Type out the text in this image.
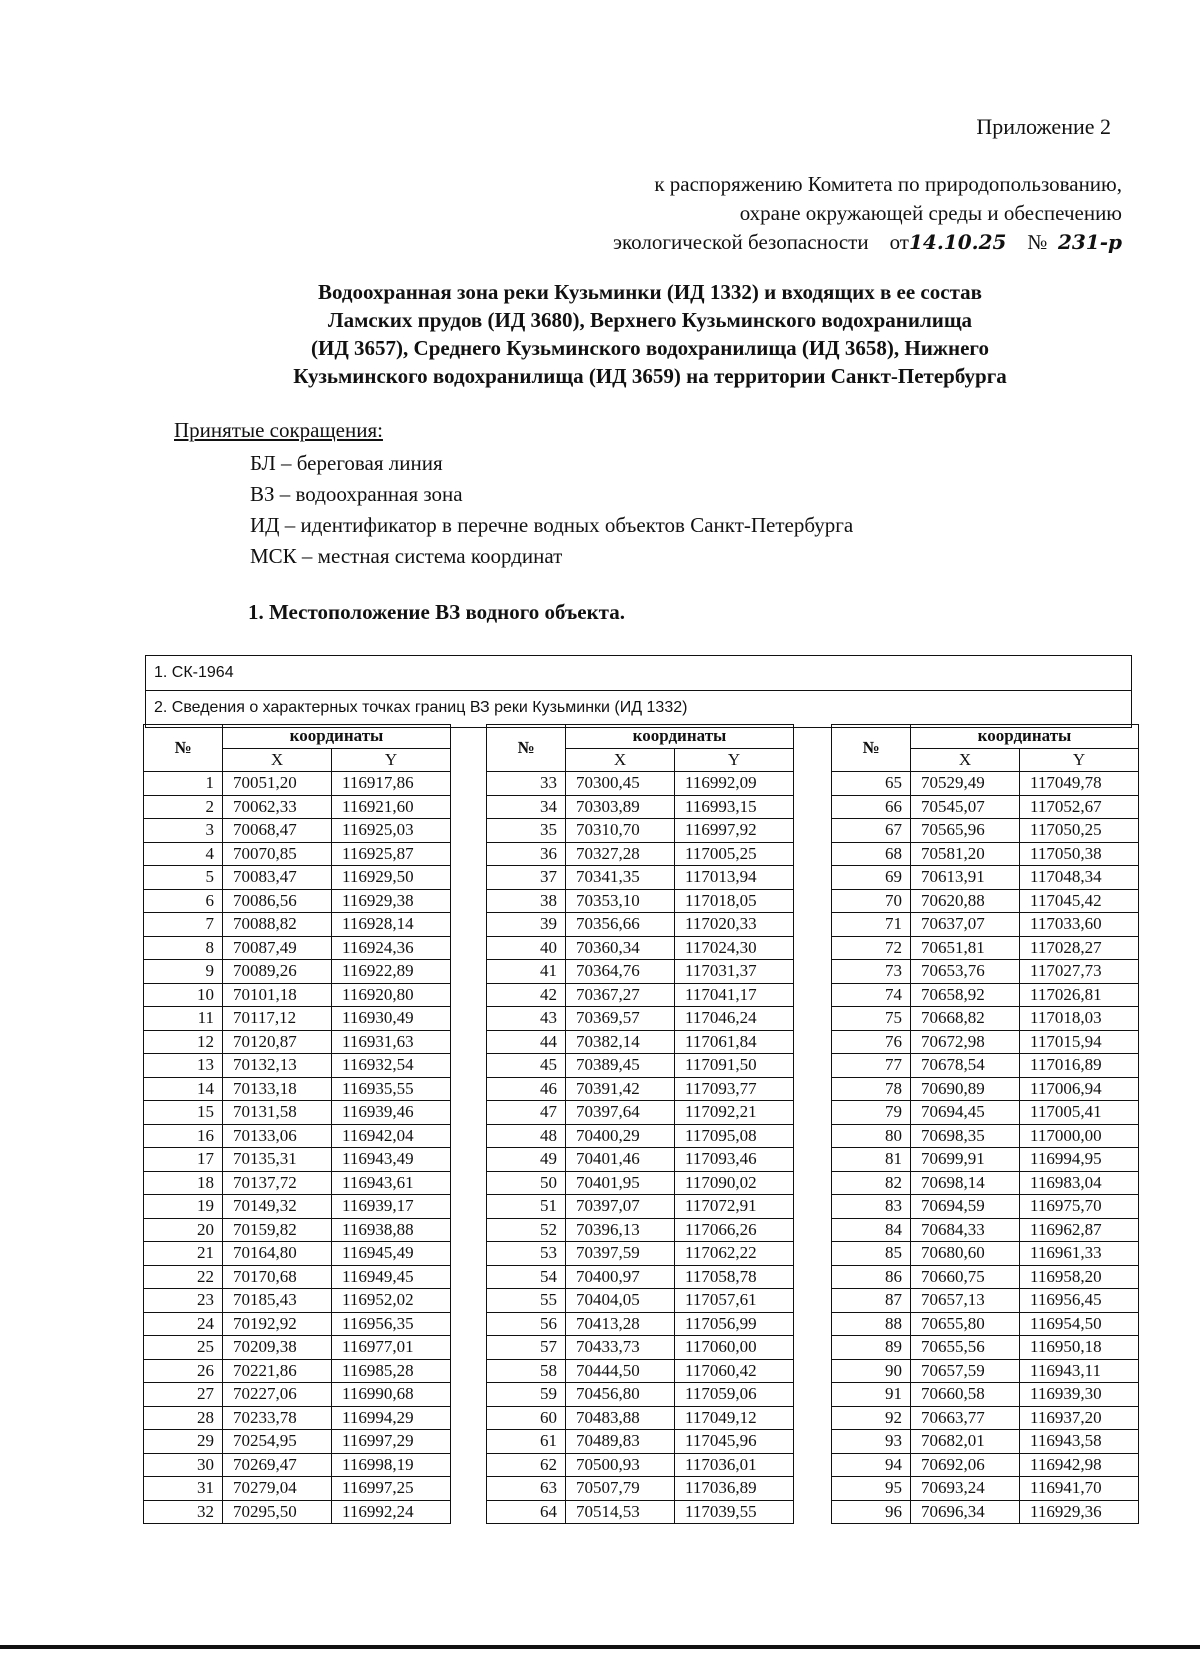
Приложение 2
к распоряжению Комитета по природопользованию,
охране окружающей среды и обеспечению
экологической безопасности от14.10.25 № 231-р
Водоохранная зона реки Кузьминки (ИД 1332) и входящих в ее состав
Ламских прудов (ИД 3680), Верхнего Кузьминского водохранилища
(ИД 3657), Среднего Кузьминского водохранилища (ИД 3658), Нижнего
Кузьминского водохранилища (ИД 3659) на территории Санкт-Петербурга
Принятые сокращения:
БЛ – береговая линия
ВЗ – водоохранная зона
ИД – идентификатор в перечне водных объектов Санкт-Петербурга
МСК – местная система координат
1. Местоположение ВЗ водного объекта.
1. СК-1964
2. Сведения о характерных точках границ ВЗ реки Кузьминки (ИД 1332)
№	координаты	
	X	Y
1	70051,20	116917,86
2	70062,33	116921,60
3	70068,47	116925,03
4	70070,85	116925,87
5	70083,47	116929,50
6	70086,56	116929,38
7	70088,82	116928,14
8	70087,49	116924,36
9	70089,26	116922,89
10	70101,18	116920,80
11	70117,12	116930,49
12	70120,87	116931,63
13	70132,13	116932,54
14	70133,18	116935,55
15	70131,58	116939,46
16	70133,06	116942,04
17	70135,31	116943,49
18	70137,72	116943,61
19	70149,32	116939,17
20	70159,82	116938,88
21	70164,80	116945,49
22	70170,68	116949,45
23	70185,43	116952,02
24	70192,92	116956,35
25	70209,38	116977,01
26	70221,86	116985,28
27	70227,06	116990,68
28	70233,78	116994,29
29	70254,95	116997,29
30	70269,47	116998,19
31	70279,04	116997,25
32	70295,50	116992,24
№	координаты	
	X	Y
33	70300,45	116992,09
34	70303,89	116993,15
35	70310,70	116997,92
36	70327,28	117005,25
37	70341,35	117013,94
38	70353,10	117018,05
39	70356,66	117020,33
40	70360,34	117024,30
41	70364,76	117031,37
42	70367,27	117041,17
43	70369,57	117046,24
44	70382,14	117061,84
45	70389,45	117091,50
46	70391,42	117093,77
47	70397,64	117092,21
48	70400,29	117095,08
49	70401,46	117093,46
50	70401,95	117090,02
51	70397,07	117072,91
52	70396,13	117066,26
53	70397,59	117062,22
54	70400,97	117058,78
55	70404,05	117057,61
56	70413,28	117056,99
57	70433,73	117060,00
58	70444,50	117060,42
59	70456,80	117059,06
60	70483,88	117049,12
61	70489,83	117045,96
62	70500,93	117036,01
63	70507,79	117036,89
64	70514,53	117039,55
№	координаты	
	X	Y
65	70529,49	117049,78
66	70545,07	117052,67
67	70565,96	117050,25
68	70581,20	117050,38
69	70613,91	117048,34
70	70620,88	117045,42
71	70637,07	117033,60
72	70651,81	117028,27
73	70653,76	117027,73
74	70658,92	117026,81
75	70668,82	117018,03
76	70672,98	117015,94
77	70678,54	117016,89
78	70690,89	117006,94
79	70694,45	117005,41
80	70698,35	117000,00
81	70699,91	116994,95
82	70698,14	116983,04
83	70694,59	116975,70
84	70684,33	116962,87
85	70680,60	116961,33
86	70660,75	116958,20
87	70657,13	116956,45
88	70655,80	116954,50
89	70655,56	116950,18
90	70657,59	116943,11
91	70660,58	116939,30
92	70663,77	116937,20
93	70682,01	116943,58
94	70692,06	116942,98
95	70693,24	116941,70
96	70696,34	116929,36
